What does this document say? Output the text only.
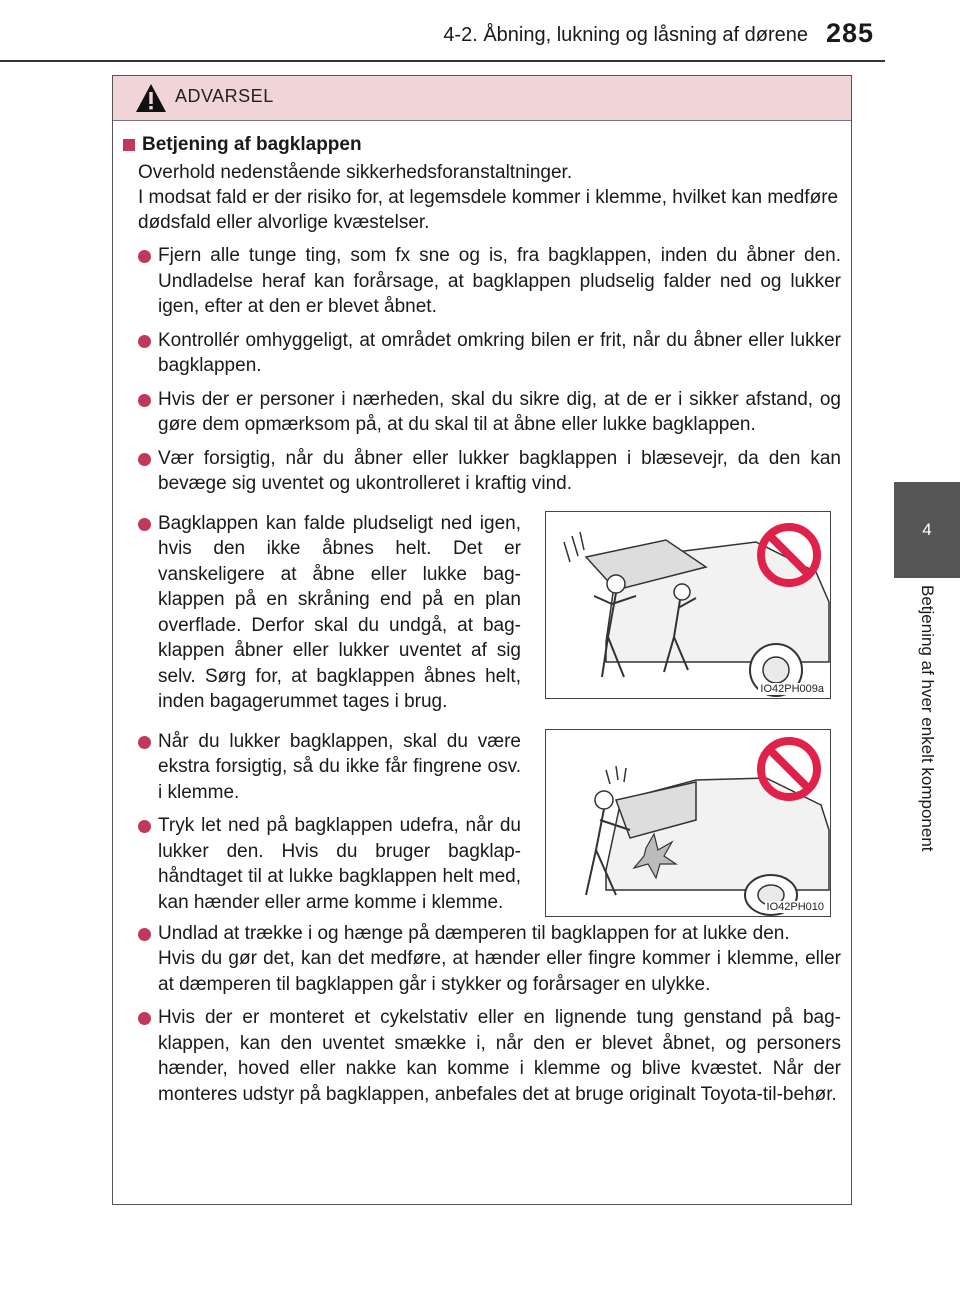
4-2. Åbning, lukning og låsning af dørene 285
4
Betjening af hver enkelt komponent
ADVARSEL
Betjening af bagklappen
Overhold nedenstående sikkerhedsforanstaltninger.
I modsat fald er der risiko for, at legemsdele kommer i klemme, hvilket kan medføre dødsfald eller alvorlige kvæstelser.
Fjern alle tunge ting, som fx sne og is, fra bagklappen, inden du åbner den. Undladelse heraf kan forårsage, at bagklappen pludselig falder ned og lukker igen, efter at den er blevet åbnet.
Kontrollér omhyggeligt, at området omkring bilen er frit, når du åbner eller lukker bagklappen.
Hvis der er personer i nærheden, skal du sikre dig, at de er i sikker afstand, og gøre dem opmærksom på, at du skal til at åbne eller lukke bagklappen.
Vær forsigtig, når du åbner eller lukker bagklappen i blæsevejr, da den kan bevæge sig uventet og ukontrolleret i kraftig vind.
Bagklappen kan falde pludseligt ned igen, hvis den ikke åbnes helt. Det er vanskeligere at åbne eller lukke bag-klappen på en skråning end på en plan overflade. Derfor skal du undgå, at bag-klappen åbner eller lukker uventet af sig selv. Sørg for, at bagklappen åbnes helt, inden bagagerummet tages i brug.
IO42PH009a
Når du lukker bagklappen, skal du være ekstra forsigtig, så du ikke får fingrene osv. i klemme.
Tryk let ned på bagklappen udefra, når du lukker den. Hvis du bruger bagklap-håndtaget til at lukke bagklappen helt med, kan hænder eller arme komme i klemme.	IO42PH010
Undlad at trække i og hænge på dæmperen til bagklappen for at lukke den.
Hvis du gør det, kan det medføre, at hænder eller fingre kommer i klemme, eller at dæmperen til bagklappen går i stykker og forårsager en ulykke.
Hvis der er monteret et cykelstativ eller en lignende tung genstand på bag-klappen, kan den uventet smække i, når den er blevet åbnet, og personers hænder, hoved eller nakke kan komme i klemme og blive kvæstet. Når der monteres udstyr på bagklappen, anbefales det at bruge originalt Toyota-til-behør.
